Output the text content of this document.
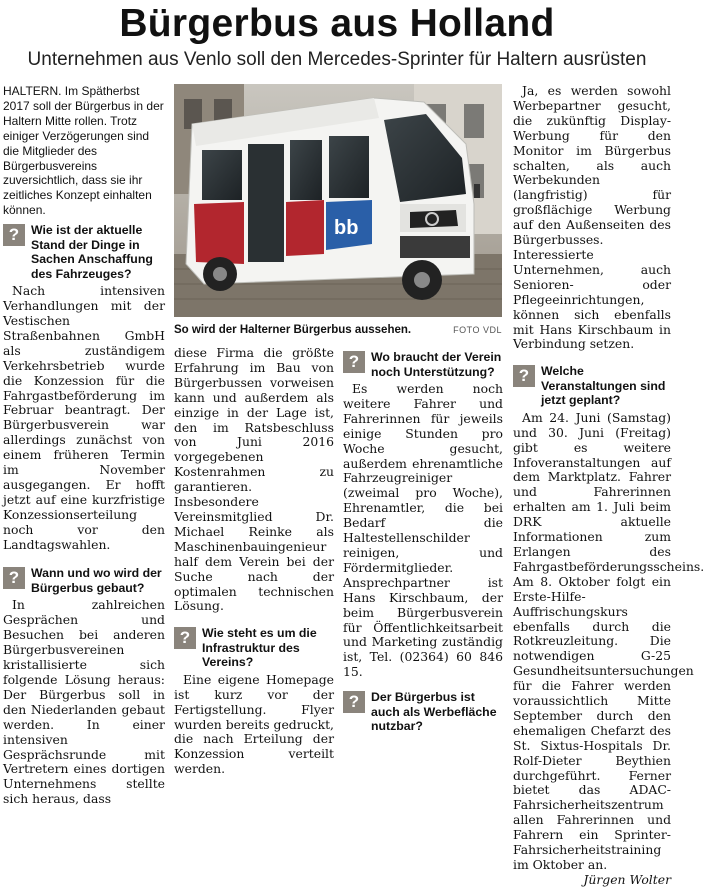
Bürgerbus aus Holland
Unternehmen aus Venlo soll den Mercedes-Sprinter für Haltern ausrüsten

HALTERN. Im Spätherbst 2017 soll der Bürgerbus in der Haltern Mitte rollen. Trotz einiger Verzögerungen sind die Mitglieder des Bürgerbusvereins zuversichtlich, dass sie ihr zeitliches Konzept einhalten können.

? Wie ist der aktuelle Stand der Dinge in Sachen Anschaffung des Fahrzeuges?

Nach intensiven Verhandlungen mit der Vestischen Straßenbahnen GmbH als zuständigem Verkehrsbetrieb wurde die Konzession für die Fahrgastbeförderung im Februar beantragt. Der Bürgerbusverein war allerdings zunächst von einem früheren Termin im November ausgegangen. Er hofft jetzt auf eine kurzfristige Konzessionserteilung noch vor den Landtagswahlen.

? Wann und wo wird der Bürgerbus gebaut?

In zahlreichen Gesprächen und Besuchen bei anderen Bürgerbusvereinen kristallisierte sich folgende Lösung heraus: Der Bürgerbus soll in den Niederlanden gebaut werden. In einer intensiven Gesprächsrunde mit Vertretern eines dortigen Unternehmens stellte sich heraus, dass

bb
So wird der Halterner Bürgerbus aussehen.	FOTO VDL

diese Firma die größte Erfahrung im Bau von Bürgerbussen vorweisen kann und außerdem als einzige in der Lage ist, den im Ratsbeschluss von Juni 2016 vorgegebenen Kostenrahmen zu garantieren. Insbesondere Vereinsmitglied Dr. Michael Reinke als Maschinenbauingenieur half dem Verein bei der Suche nach der optimalen technischen Lösung.

? Wie steht es um die Infrastruktur des Vereins?

Eine eigene Homepage ist kurz vor der Fertigstellung. Flyer wurden bereits gedruckt, die nach Erteilung der Konzession verteilt werden.

? Wo braucht der Verein noch Unterstützung?

Es werden noch weitere Fahrer und Fahrerinnen für jeweils einige Stunden pro Woche gesucht, außerdem ehrenamtliche Fahrzeugreiniger (zweimal pro Woche), Ehrenamtler, die bei Bedarf die Haltestellenschilder reinigen, und Fördermitglieder. Ansprechpartner ist Hans Kirschbaum, der beim Bürgerbusverein für Öffentlichkeitsarbeit und Marketing zuständig ist, Tel. (02364) 60 846 15.

? Der Bürgerbus ist auch als Werbefläche nutzbar?

Ja, es werden sowohl Werbepartner gesucht, die zukünftig Display-Werbung für den Monitor im Bürgerbus schalten, als auch Werbekunden (langfristig) für großflächige Werbung auf den Außenseiten des Bürgerbusses. Interessierte Unternehmen, auch Senioren- oder Pflegeeinrichtungen, können sich ebenfalls mit Hans Kirschbaum in Verbindung setzen.

? Welche Veranstaltungen sind jetzt geplant?

Am 24. Juni (Samstag) und 30. Juni (Freitag) gibt es weitere Infoveranstaltungen auf dem Marktplatz. Fahrer und Fahrerinnen erhalten am 1. Juli beim DRK aktuelle Informationen zum Erlangen des Fahrgastbeförderungsscheins. Am 8. Oktober folgt ein Erste-Hilfe-Auffrischungskurs ebenfalls durch die Rotkreuzleitung. Die notwendigen G-25 Gesundheitsuntersuchungen für die Fahrer werden voraussichtlich Mitte September durch den ehemaligen Chefarzt des St. Sixtus-Hospitals Dr. Rolf-Dieter Beythien durchgeführt. Ferner bietet das ADAC-Fahrsicherheitszentrum allen Fahrerinnen und Fahrern ein Sprinter-Fahrsicherheitstraining im Oktober an.
Jürgen Wolter
